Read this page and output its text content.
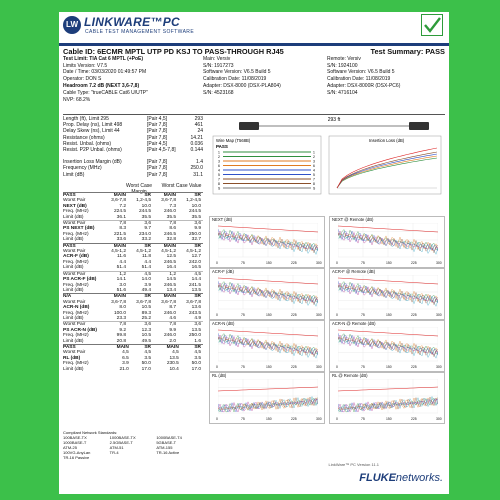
LW LINKWARE™PC
CABLE TEST MANAGEMENT SOFTWARE
Cable ID: 6ECMR MPTL UTP PD KSJ TO PASS-THROUGH RJ45	Test Summary: PASS
Test Limit: TIA Cat 6 MPTL (+PoE)
Limits Version: V7.5
Date / Time: 03/03/2020 01:49:57 PM
Operator: DON S
Headroom 7.2 dB (NEXT 3,6-7,8)
Cable Type: "trueCABLE Cat6 U/UTP"
NVP: 68.2%
Main: Versiv
S/N: 1917273
Software Version: V6.5 Build 5
Calibration Date: 11/08/2019
Adapter: DSX-8000 (DSX-PLA804)
S/N: 4523168
Remote: Versiv
S/N: 1924100
Software Version: V6.5 Build 5
Calibration Date: 11/08/2019
Adapter: DSX-8000R (DSX-PC6)
S/N: 4716104
Length (ft), Limit 295	[Pair 4,5]	293
Prop. Delay (ns), Limit 498	[Pair 7,8]	461
Delay Skew (ns), Limit 44	[Pair 7,8]	24
Resistance (ohms)	[Pair 7,8]	14.21
Resist. Unbal. (ohms)	[Pair 4,5]	0.036
Resist. P2P Unbal. (ohms)	[Pair 4,5-7,8]	0.144
Insertion Loss Margin (dB)	[Pair 7,8]	1.4
Frequency (MHz)	[Pair 7,8]	250.0
Limit (dB)	[Pair 7,8]	31.1
293 ft
Wire Map (T568B)
PASS
1	1
2	2
3	3
6	6
4	4
5	5
7	7
8	8
S	S
Insertion Loss (dB)
Worst Case Margin
Worst Case Value
PASS	MAIN	SR	MAIN	SR
Worst Pair	3,6-7,8	1,2-4,5	3,6-7,8	1,2-4,5
NEXT (dB)	7.2	10.0	7.3	10.0
Freq. (MHz)	224.5	244.5	246.0	244.5
Limit (dB)	36.1	35.5	35.5	35.5
Worst Pair	7,8	3,6	7,8	3,6
PS NEXT (dB)	8.3	9.7	8.6	9.9
Freq. (MHz)	221.5	234.0	246.5	250.0
Limit (dB)	33.6	33.2	32.8	32.7
PASS	MAIN	SR	MAIN	SR
Worst Pair	4,5-1,2	4,5-1,2	4,5-1,2	4,5-1,2
ACR-F (dB)	11.6	11.8	12.5	12.7
Freq. (MHz)	4.4	4.4	246.5	242.0
Limit (dB)	51.4	51.4	16.4	16.5
Worst Pair	1,2	4,5	1,2	4,5
PS ACR-F (dB)	14.1	14.0	14.5	14.4
Freq. (MHz)	3.0	3.9	246.5	241.5
Limit (dB)	51.6	49.4	13.4	13.5
N/A	MAIN	SR	MAIN	SR
Worst Pair	3,6-7,8	3,6-7,8	3,6-7,8	3,6-7,8
ACR-N (dB)	8.0	10.5	8.7	13.6
Freq. (MHz)	100.0	89.3	246.0	243.5
Limit (dB)	23.3	25.2	4.6	4.9
Worst Pair	7,8	3,6	7,8	3,6
PS ACR-N (dB)	9.2	12.3	9.9	13.5
Freq. (MHz)	99.8	10.5	246.0	250.0
Limit (dB)	20.8	49.5	2.0	1.6
PASS	MAIN	SR	MAIN	SR
Worst Pair	4,5	4,5	4,5	4,5
RL (dB)	6.5	3.5	13.5	3.5
Freq. (MHz)	3.9	50.0	230.5	50.0
Limit (dB)	21.0	17.0	10.4	17.0
NEXT (dB)
0	75	150	225	300
NEXT @ Remote (dB)
0	75	150	225	300
ACR-F (dB)
0	75	150	225	300
ACR-F @ Remote (dB)
0	75	150	225	300
ACR-N (dB)
0	75	150	225	300
ACR-N @ Remote (dB)
0	75	150	225	300
RL (dB)
0	75	150	225	300
RL @ Remote (dB)
0	75	150	225	300
Compliant Network Standards:
100BASE-TX	1000BASE-TX	1000BASE-T4
1000BASE-T	2.5GBASE-T	5GBASE-T
ATM-25	ATM-51	ATM-155
100VG-AnyLan	TR-4	TR-16 Active
TR-16 Passive
LinkWare™ PC Version 11.1
FLUKEnetworks.
